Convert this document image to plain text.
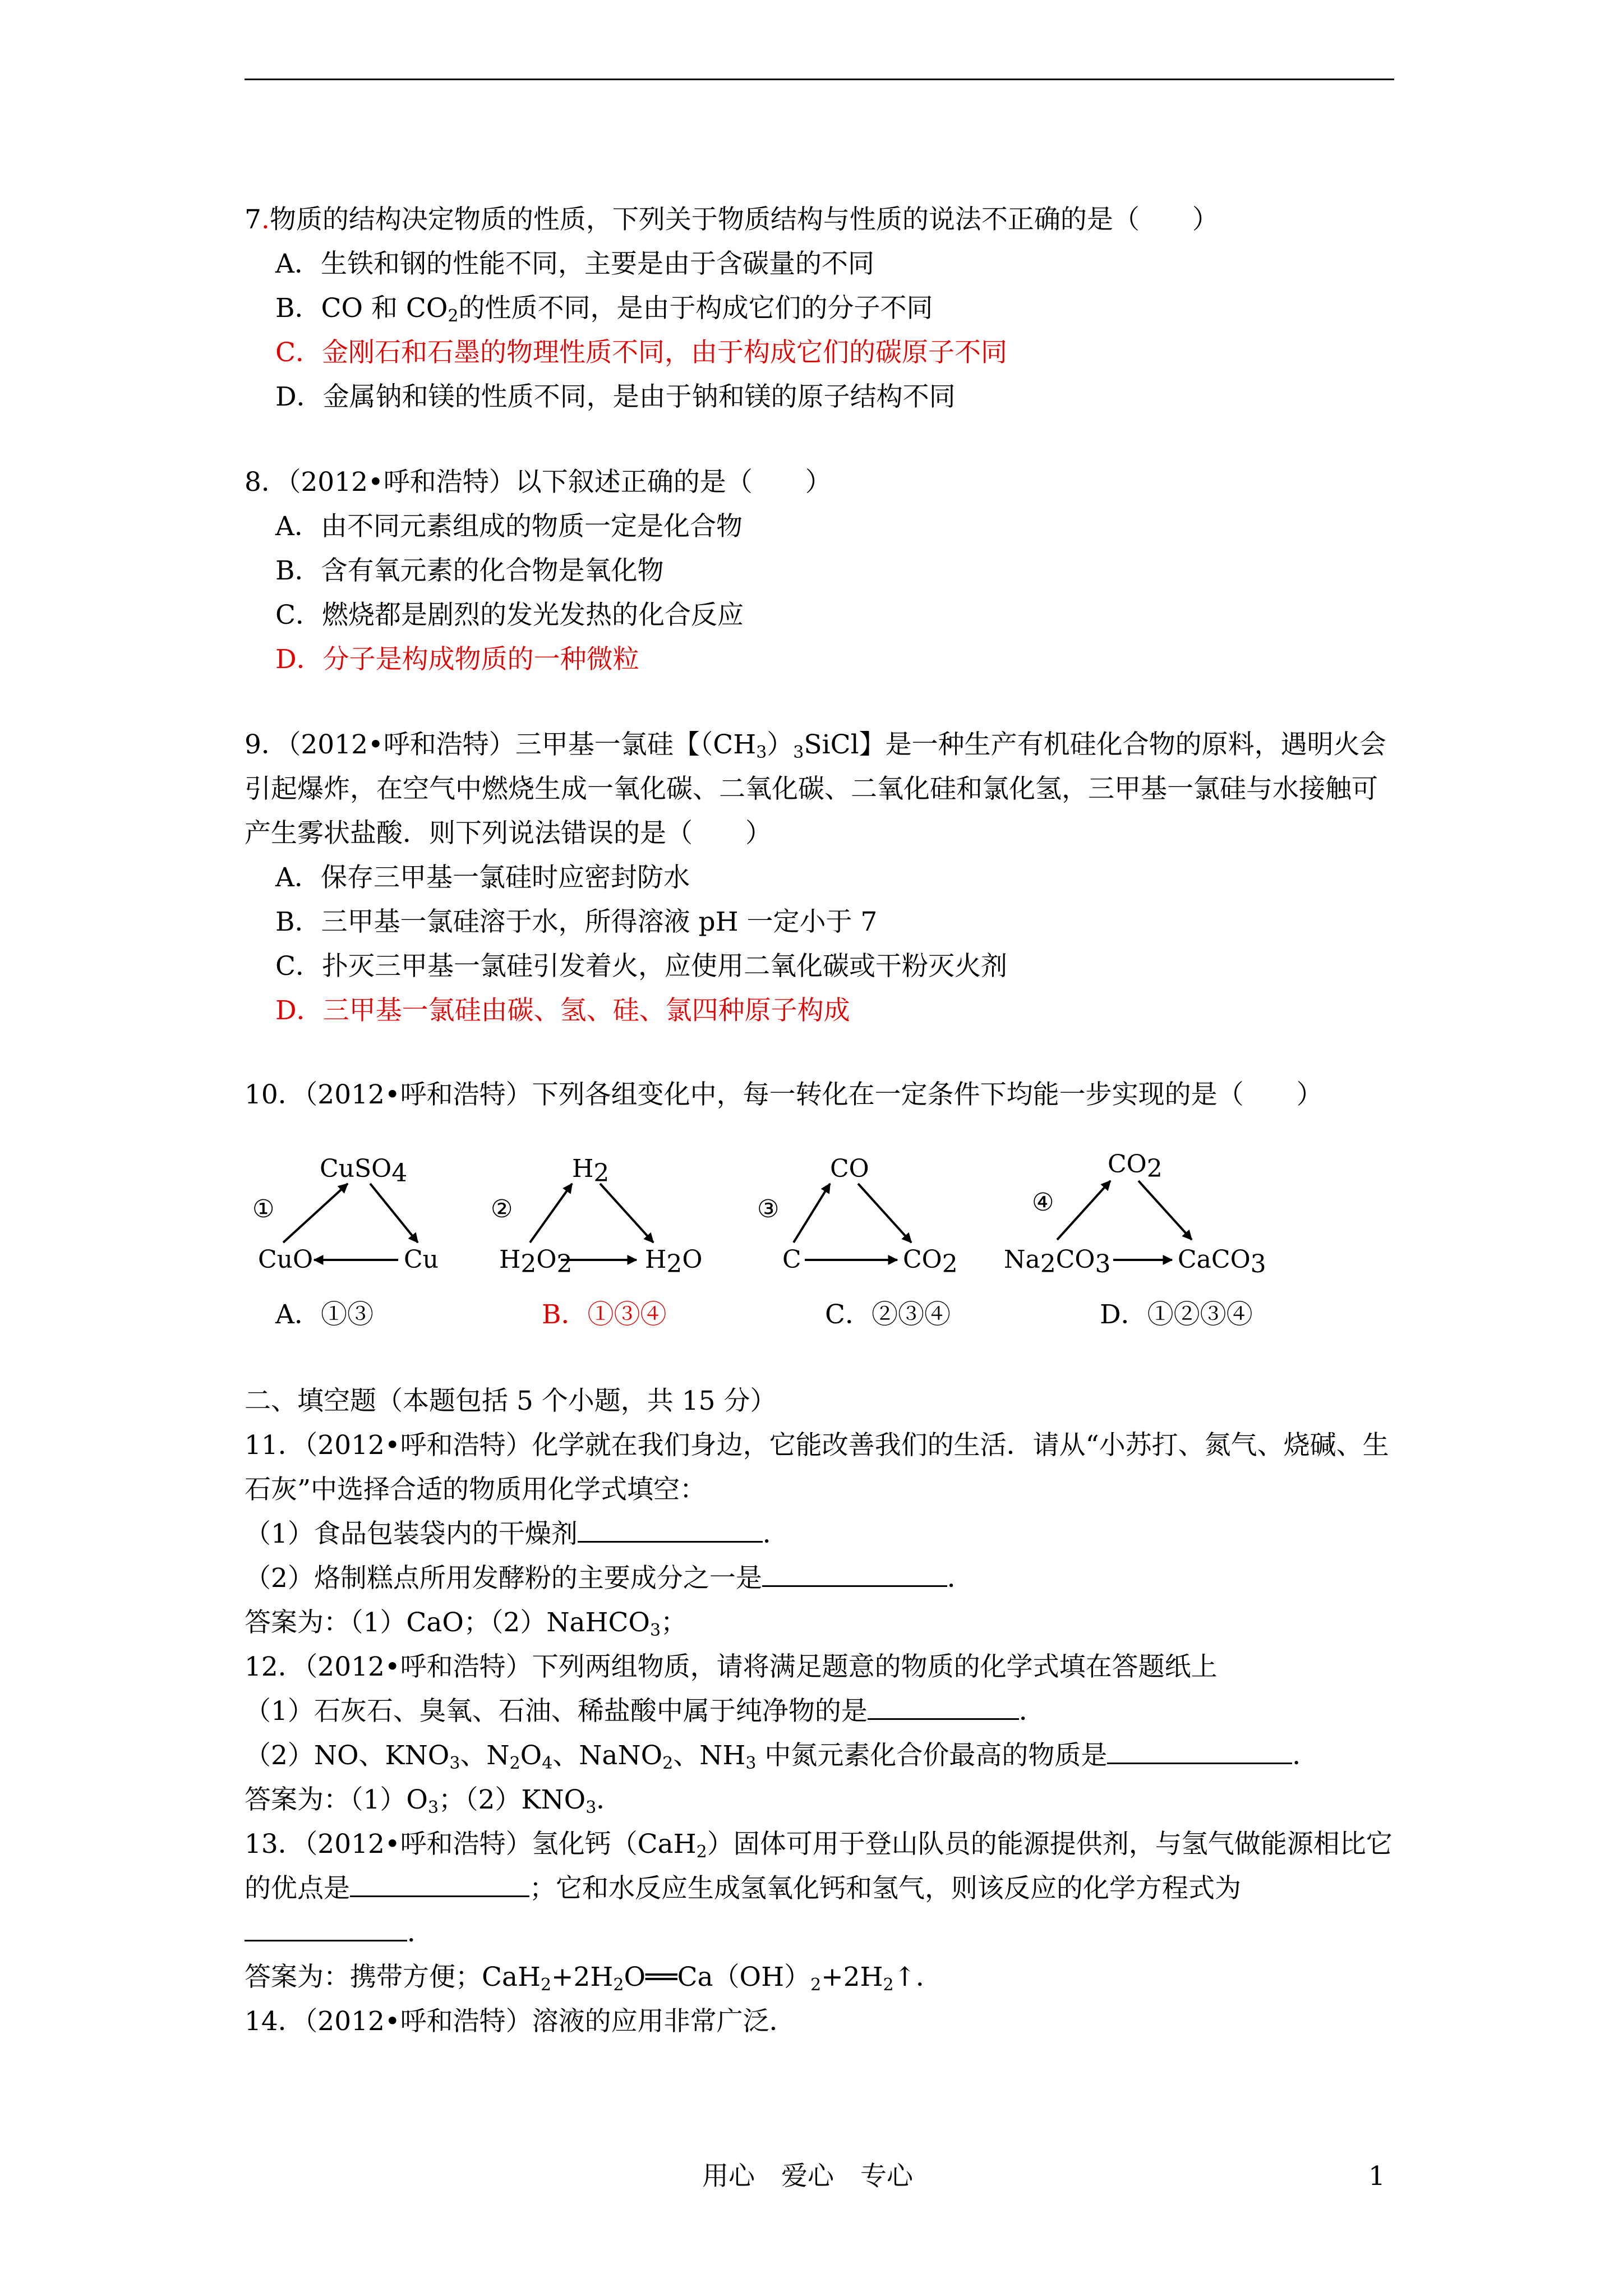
7.物质的结构决定物质的性质，下列关于物质结构与性质的说法不正确的是（　　）
A．生铁和钢的性能不同，主要是由于含碳量的不同
B．CO 和 $CO_2$的性质不同，是由于构成它们的分子不同
C．金刚石和石墨的物理性质不同，由于构成它们的碳原子不同
D．金属钠和镁的性质不同，是由于钠和镁的原子结构不同
8．（2012•呼和浩特）以下叙述正确的是（　　）
A．由不同元素组成的物质一定是化合物
B．含有氧元素的化合物是氧化物
C．燃烧都是剧烈的发光发热的化合反应
D．分子是构成物质的一种微粒
9．（2012•呼和浩特）三甲基一氯硅【$(CH_3)_3SiCl$】是一种生产有机硅化合物的原料，遇明火会引起爆炸，在空气中燃烧生成一氧化碳、二氧化碳、二氧化硅和氯化氢，三甲基一氯硅与水接触可产生雾状盐酸．则下列说法错误的是（　　）
A．保存三甲基一氯硅时应密封防水
B．三甲基一氯硅溶于水，所得溶液 pH 一定小于 7
C．扑灭三甲基一氯硅引发着火，应使用二氧化碳或干粉灭火剂
D．三甲基一氯硅由碳、氢、硅、氯四种原子构成
10．（2012•呼和浩特）下列各组变化中，每一转化在一定条件下均能一步实现的是（　　）
①
CuSO4
CuO	Cu
②
H2
H2O2	H2O
③
CO
C	CO2
④
CO2
Na2CO3	CaCO3
A．①③	B．①③④	C．②③④	D．①②③④
二、填空题（本题包括 5 个小题，共 15 分）
11．（2012•呼和浩特）化学就在我们身边，它能改善我们的生活．请从“小苏打、氮气、烧碱、生石灰”中选择合适的物质用化学式填空：
（1）食品包装袋内的干燥剂	．
（2）烙制糕点所用发酵粉的主要成分之一是	．
答案为：（1）CaO；（2）NaHCO$_3$；
12．（2012•呼和浩特）下列两组物质，请将满足题意的物质的化学式填在答题纸上
（1）石灰石、臭氧、石油、稀盐酸中属于纯净物的是	．
（2）NO、$KNO_3$、$N_2O_4$、NaNO$_2$、$NH_3$ 中氮元素化合价最高的物质是	．
答案为：$(1)O_3$；$(2)KNO_3$．
13．（2012•呼和浩特）氢化钙（CaH$_2$）固体可用于登山队员的能源提供剂，与氢气做能源相比它的优点是	；它和水反应生成氢氧化钙和氢气，则该反应的化学方程式为
．
答案为：携带方便；$CaH_2+2H_2O══Ca(OH)_2+2H_2↑$．
14．（2012•呼和浩特）溶液的应用非常广泛．
用心　爱心　专心	1
